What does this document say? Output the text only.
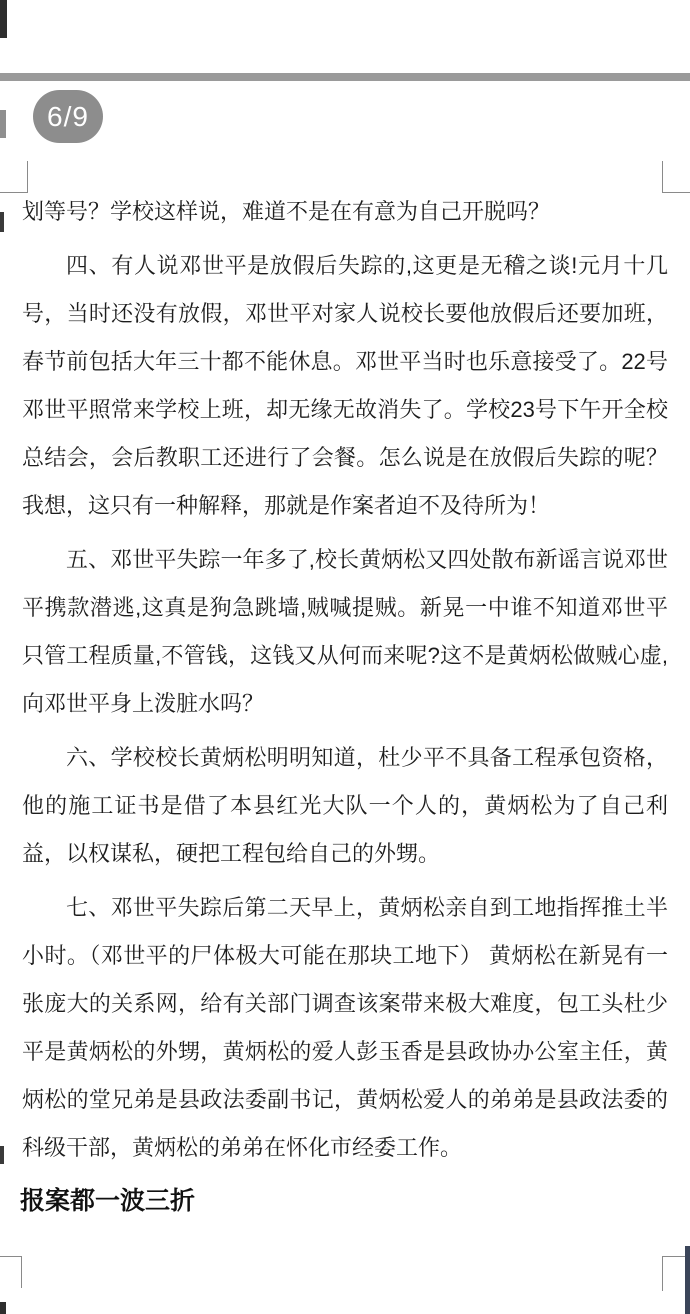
6/9

划等号？学校这样说，难道不是在有意为自己开脱吗？

四、有人说邓世平是放假后失踪的,这更是无稽之谈!元月十几号，当时还没有放假，邓世平对家人说校长要他放假后还要加班，春节前包括大年三十都不能休息。邓世平当时也乐意接受了。22号邓世平照常来学校上班，却无缘无故消失了。学校23号下午开全校总结会，会后教职工还进行了会餐。怎么说是在放假后失踪的呢？我想，这只有一种解释，那就是作案者迫不及待所为！

五、邓世平失踪一年多了,校长黄炳松又四处散布新谣言说邓世平携款潜逃,这真是狗急跳墙,贼喊提贼。新晃一中谁不知道邓世平只管工程质量,不管钱，这钱又从何而来呢?这不是黄炳松做贼心虚,向邓世平身上泼脏水吗？

六、学校校长黄炳松明明知道，杜少平不具备工程承包资格，他的施工证书是借了本县红光大队一个人的，黄炳松为了自己利益，以权谋私，硬把工程包给自己的外甥。

七、邓世平失踪后第二天早上，黄炳松亲自到工地指挥推土半小时。（邓世平的尸体极大可能在那块工地下） 黄炳松在新晃有一张庞大的关系网，给有关部门调查该案带来极大难度，包工头杜少平是黄炳松的外甥，黄炳松的爱人彭玉香是县政协办公室主任，黄炳松的堂兄弟是县政法委副书记，黄炳松爱人的弟弟是县政法委的科级干部，黄炳松的弟弟在怀化市经委工作。

报案都一波三折
